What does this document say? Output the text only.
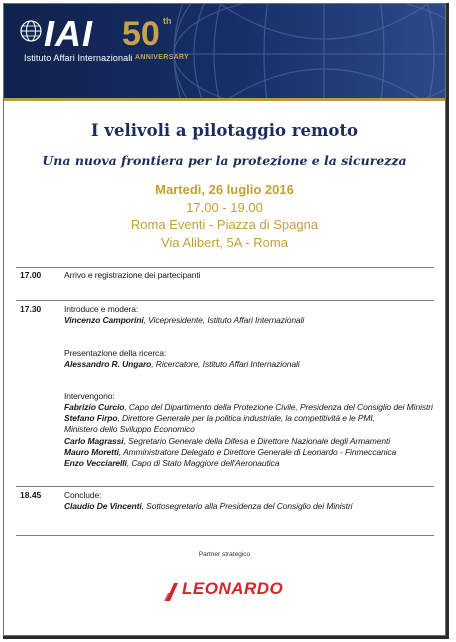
IAI 50 th
Istituto Affari Internazionali ANNIVERSARY
I velivoli a pilotaggio remoto
Una nuova frontiera per la protezione e la sicurezza
Martedì, 26 luglio 2016
17.00 - 19.00
Roma Eventi - Piazza di Spagna
Via Alibert, 5A - Roma
17.00	Arrivo e registrazione dei partecipanti
17.30	Introduce e modera:
Vincenzo Camporini, Vicepresidente, Istituto Affari Internazionali
Presentazione della ricerca:
Alessandro R. Ungaro, Ricercatore, Istituto Affari Internazionali
Intervengono:
Fabrizio Curcio, Capo del Dipartimento della Protezione Civile, Presidenza del Consiglio dei Ministri
Stefano Firpo, Direttore Generale per la politica industriale, la competitività e le PMI,
Ministero dello Sviluppo Economico
Carlo Magrassi, Segretario Generale della Difesa e Direttore Nazionale degli Armamenti
Mauro Moretti, Amministratore Delegato e Direttore Generale di Leonardo - Finmeccanica
Enzo Vecciarelli, Capo di Stato Maggiore dell'Aeronautica
18.45	Conclude:
Claudio De Vincenti, Sottosegretario alla Presidenza del Consiglio dei Ministri
Partner strategico
LEONARDO
